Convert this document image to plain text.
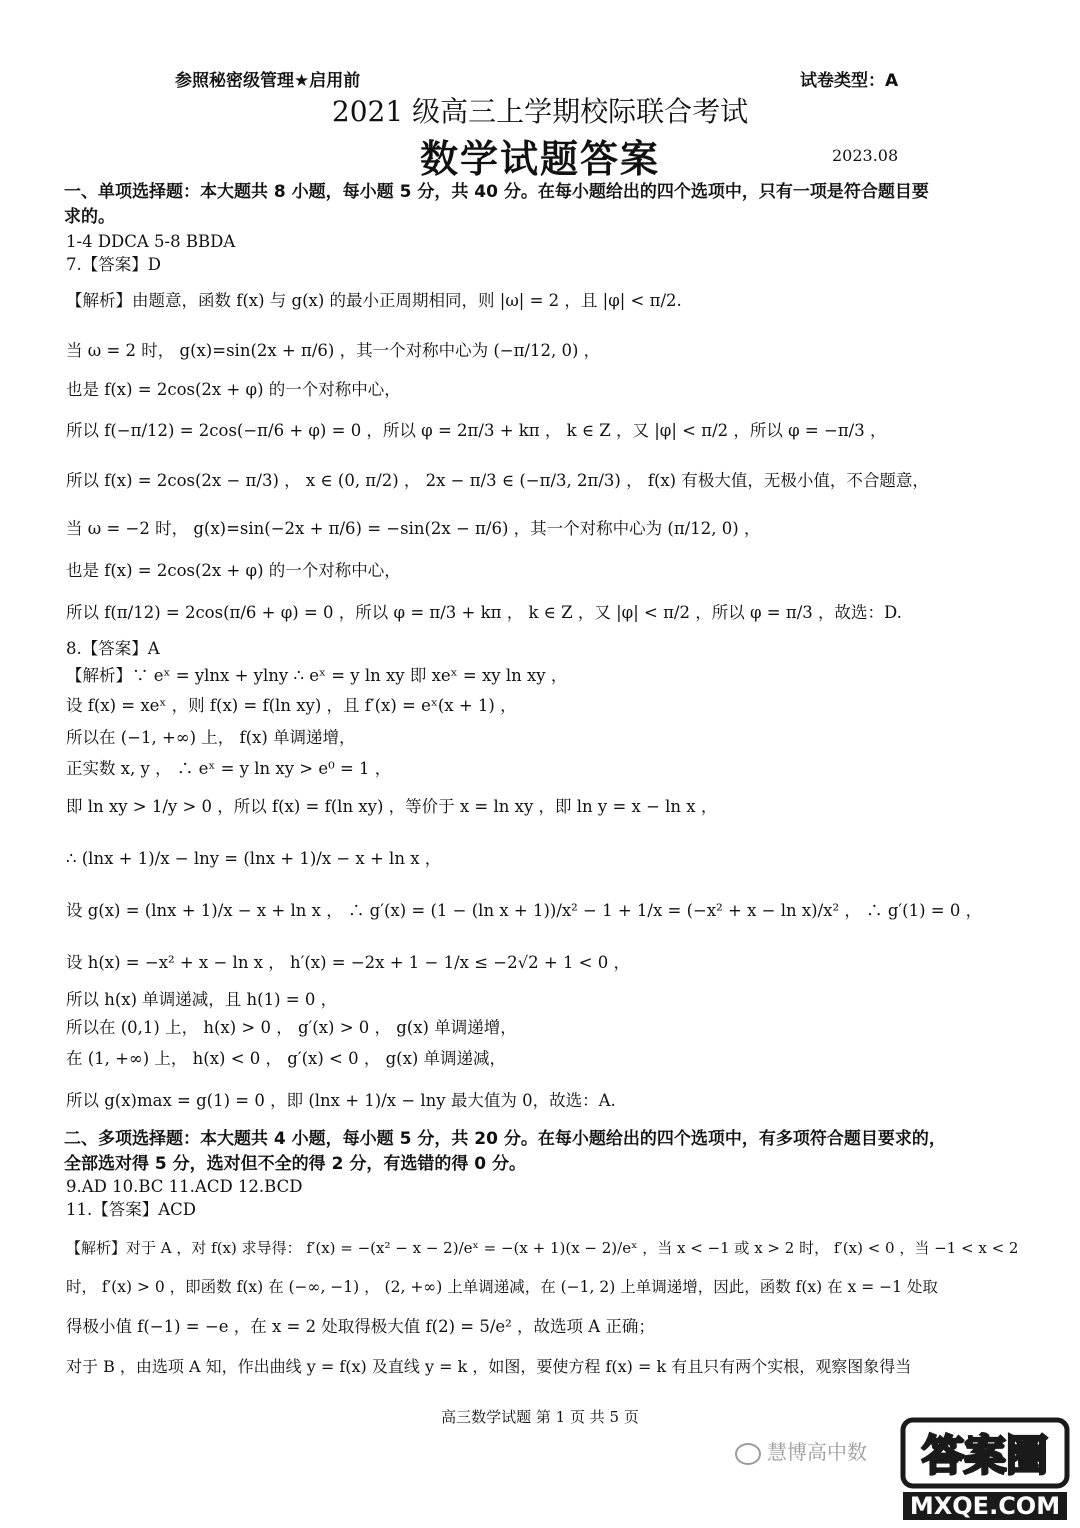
参照秘密级管理★启用前	试卷类型：A
2021 级高三上学期校际联合考试
数学试题答案	2023.08
一、单项选择题：本大题共 8 小题，每小题 5 分，共 40 分。在每小题给出的四个选项中，只有一项是符合题目要
求的。
1-4 DDCA 5-8 BBDA
7.【答案】D
【解析】由题意，函数 f(x) 与 g(x) 的最小正周期相同，则 |ω| = 2 ，且 |φ| < π/2.
当 ω = 2 时， g(x)=sin(2x + π/6) ，其一个对称中心为 (−π/12, 0) ，
也是 f(x) = 2cos(2x + φ) 的一个对称中心，
所以 f(−π/12) = 2cos(−π/6 + φ) = 0 ，所以 φ = 2π/3 + kπ ， k ∈ Z ，又 |φ| < π/2 ，所以 φ = −π/3 ，
所以 f(x) = 2cos(2x − π/3) ， x ∈ (0, π/2) ， 2x − π/3 ∈ (−π/3, 2π/3) ， f(x) 有极大值，无极小值，不合题意，
当 ω = −2 时， g(x)=sin(−2x + π/6) = −sin(2x − π/6) ，其一个对称中心为 (π/12, 0) ，
也是 f(x) = 2cos(2x + φ) 的一个对称中心，
所以 f(π/12) = 2cos(π/6 + φ) = 0 ，所以 φ = π/3 + kπ ， k ∈ Z ，又 |φ| < π/2 ，所以 φ = π/3 ，故选：D.
8.【答案】A
【解析】∵ eˣ = ylnx + ylny ∴ eˣ = y ln xy 即 xeˣ = xy ln xy ，
设 f(x) = xeˣ ，则 f(x) = f(ln xy) ，且 f′(x) = eˣ(x + 1) ，
所以在 (−1, +∞) 上， f(x) 单调递增，
正实数 x, y ， ∴ eˣ = y ln xy > e⁰ = 1 ，
即 ln xy > 1/y > 0 ，所以 f(x) = f(ln xy) ，等价于 x = ln xy ，即 ln y = x − ln x ，
∴ (lnx + 1)/x − lny = (lnx + 1)/x − x + ln x ，
设 g(x) = (lnx + 1)/x − x + ln x ， ∴ g′(x) = (1 − (ln x + 1))/x² − 1 + 1/x = (−x² + x − ln x)/x² ， ∴ g′(1) = 0 ，
设 h(x) = −x² + x − ln x ， h′(x) = −2x + 1 − 1/x ≤ −2√2 + 1 < 0 ，
所以 h(x) 单调递减，且 h(1) = 0 ，
所以在 (0,1) 上， h(x) > 0 ， g′(x) > 0 ， g(x) 单调递增，
在 (1, +∞) 上， h(x) < 0 ， g′(x) < 0 ， g(x) 单调递减，
所以 g(x)max = g(1) = 0 ，即 (lnx + 1)/x − lny 最大值为 0，故选：A.
二、多项选择题：本大题共 4 小题，每小题 5 分，共 20 分。在每小题给出的四个选项中，有多项符合题目要求的，
全部选对得 5 分，选对但不全的得 2 分，有选错的得 0 分。
9.AD 10.BC 11.ACD 12.BCD
11.【答案】ACD
【解析】对于 A ，对 f(x) 求导得： f′(x) = −(x² − x − 2)/eˣ = −(x + 1)(x − 2)/eˣ ，当 x < −1 或 x > 2 时， f′(x) < 0 ，当 −1 < x < 2
时， f′(x) > 0 ，即函数 f(x) 在 (−∞, −1) ， (2, +∞) 上单调递减，在 (−1, 2) 上单调递增，因此，函数 f(x) 在 x = −1 处取
得极小值 f(−1) = −e ，在 x = 2 处取得极大值 f(2) = 5/e² ，故选项 A 正确；
对于 B ，由选项 A 知，作出曲线 y = f(x) 及直线 y = k ，如图，要使方程 f(x) = k 有且只有两个实根，观察图象得当
高三数学试题 第 1 页 共 5 页
慧博高中数 答案圈
MXQE.COM
